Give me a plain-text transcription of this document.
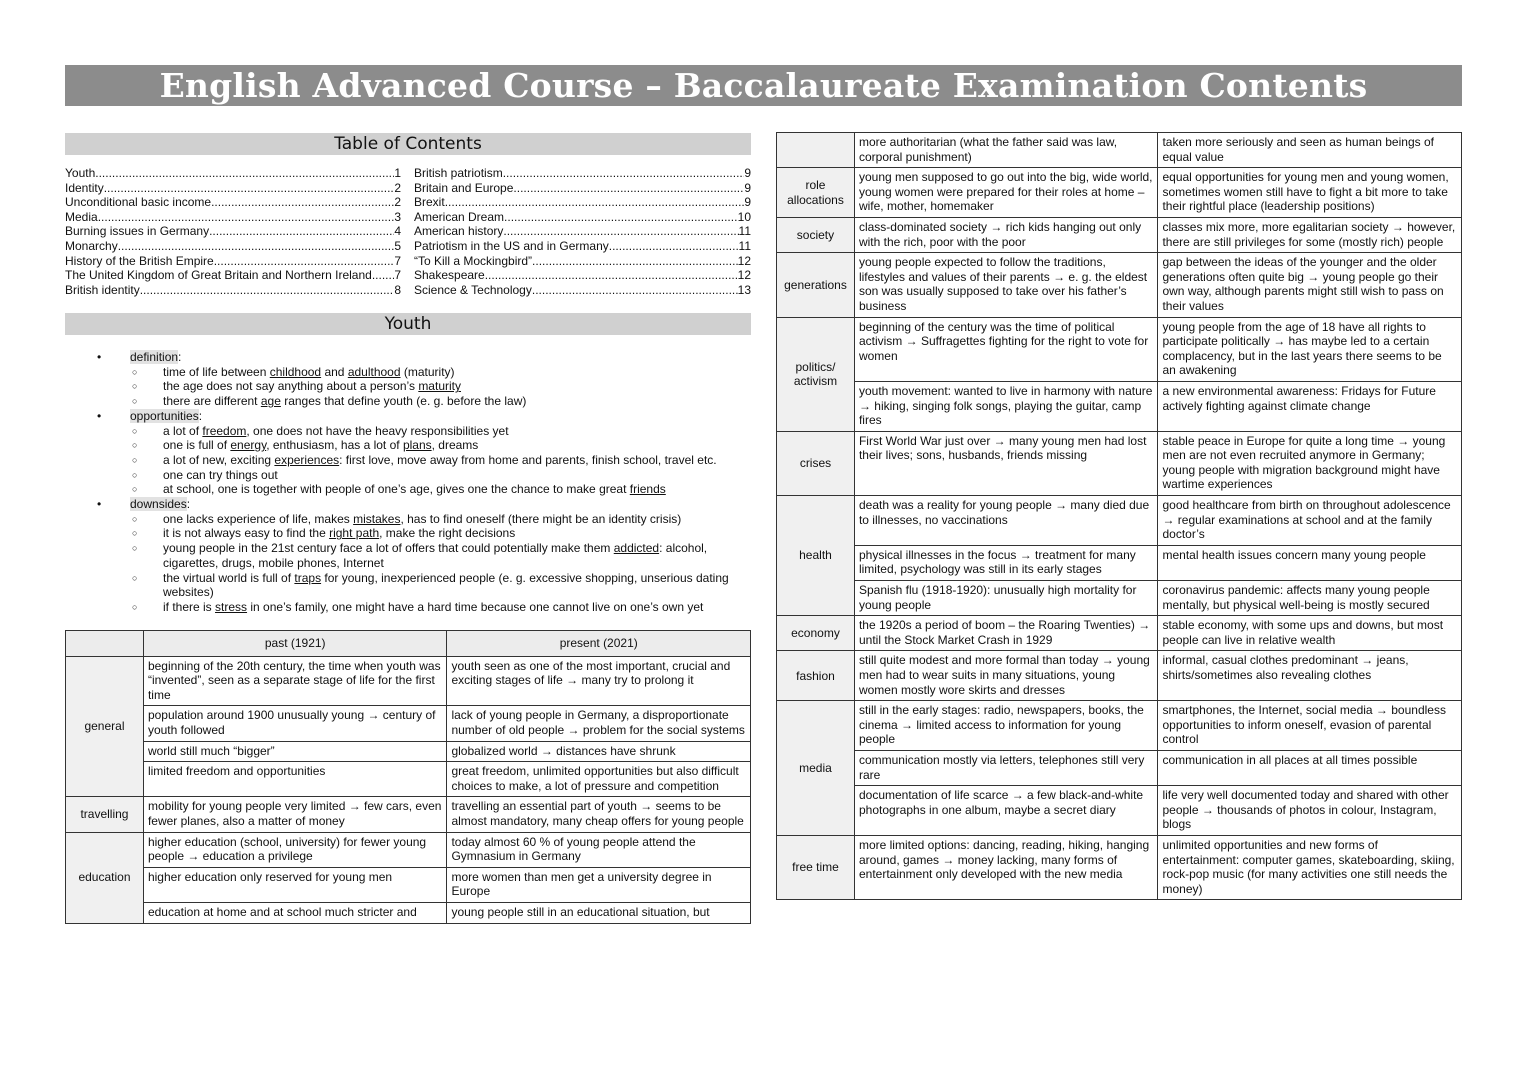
English Advanced Course – Baccalaureate Examination Contents
Table of Contents
Youth .....	1
Identity .....	2
Unconditional basic income .....	2
Media .....	3
Burning issues in Germany .....	4
Monarchy .....	5
History of the British Empire .....	7
The United Kingdom of Great Britain and Northern Ireland ..... 7
British identity .....	8
British patriotism .....	9
Britain and Europe .....	9
Brexit .....	9
American Dream .....	10
American history .....	11
Patriotism in the US and in Germany .....	11
“To Kill a Mockingbird” .....	12
Shakespeare .....	12
Science & Technology .....	13
Youth
• definition:
○ time of life between childhood and adulthood (maturity)
○ the age does not say anything about a person’s maturity
○ there are different age ranges that define youth (e. g. before the law)
• opportunities:
○ a lot of freedom, one does not have the heavy responsibilities yet
○ one is full of energy, enthusiasm, has a lot of plans, dreams
○ a lot of new, exciting experiences: first love, move away from home and parents, finish school, travel etc.
○ one can try things out
○ at school, one is together with people of one’s age, gives one the chance to make great friends
• downsides:
○ one lacks experience of life, makes mistakes, has to find oneself (there might be an identity crisis)
○ it is not always easy to find the right path, make the right decisions
○ young people in the 21st century face a lot of offers that could potentially make them addicted: alcohol, cigarettes, drugs, mobile phones, Internet
○ the virtual world is full of traps for young, inexperienced people (e. g. excessive shopping, unserious dating websites)
○ if there is stress in one’s family, one might have a hard time because one cannot live on one’s own yet
	past (1921)	present (2021)
general	beginning of the 20th century, the time when youth was “invented”, seen as a separate stage of life for the first time	youth seen as one of the most important, crucial and exciting stages of life → many try to prolong it
	population around 1900 unusually young → century of youth followed	lack of young people in Germany, a disproportionate number of old people → problem for the social systems
	world still much “bigger”	globalized world → distances have shrunk
	limited freedom and opportunities	great freedom, unlimited opportunities but also difficult choices to make, a lot of pressure and competition
travelling	mobility for young people very limited → few cars, even fewer planes, also a matter of money	travelling an essential part of youth → seems to be almost mandatory, many cheap offers for young people
education	higher education (school, university) for fewer young people → education a privilege	today almost 60 % of young people attend the Gymnasium in Germany
	higher education only reserved for young men	more women than men get a university degree in Europe
	education at home and at school much stricter and	young people still in an educational situation, but
	more authoritarian (what the father said was law, corporal punishment)	taken more seriously and seen as human beings of equal value
role allocations	young men supposed to go out into the big, wide world, young women were prepared for their roles at home – wife, mother, homemaker	equal opportunities for young men and young women, sometimes women still have to fight a bit more to take their rightful place (leadership positions)
society	class-dominated society → rich kids hanging out only with the rich, poor with the poor	classes mix more, more egalitarian society → however, there are still privileges for some (mostly rich) people
generations	young people expected to follow the traditions, lifestyles and values of their parents → e. g. the eldest son was usually supposed to take over his father’s business	gap between the ideas of the younger and the older generations often quite big → young people go their own way, although parents might still wish to pass on their values
politics/ activism	beginning of the century was the time of political activism → Suffragettes fighting for the right to vote for women	young people from the age of 18 have all rights to participate politically → has maybe led to a certain complacency, but in the last years there seems to be an awakening
	youth movement: wanted to live in harmony with nature → hiking, singing folk songs, playing the guitar, camp fires	a new environmental awareness: Fridays for Future actively fighting against climate change
crises	First World War just over → many young men had lost their lives; sons, husbands, friends missing	stable peace in Europe for quite a long time → young men are not even recruited anymore in Germany; young people with migration background might have wartime experiences
health	death was a reality for young people → many died due to illnesses, no vaccinations	good healthcare from birth on throughout adolescence → regular examinations at school and at the family doctor’s
	physical illnesses in the focus → treatment for many limited, psychology was still in its early stages	mental health issues concern many young people
	Spanish flu (1918-1920): unusually high mortality for young people	coronavirus pandemic: affects many young people mentally, but physical well-being is mostly secured
economy	the 1920s a period of boom – the Roaring Twenties) → until the Stock Market Crash in 1929	stable economy, with some ups and downs, but most people can live in relative wealth
fashion	still quite modest and more formal than today → young men had to wear suits in many situations, young women mostly wore skirts and dresses	informal, casual clothes predominant → jeans, shirts/sometimes also revealing clothes
media	still in the early stages: radio, newspapers, books, the cinema → limited access to information for young people	smartphones, the Internet, social media → boundless opportunities to inform oneself, evasion of parental control
	communication mostly via letters, telephones still very rare	communication in all places at all times possible
	documentation of life scarce → a few black-and-white photographs in one album, maybe a secret diary	life very well documented today and shared with other people → thousands of photos in colour, Instagram, blogs
free time	more limited options: dancing, reading, hiking, hanging around, games → money lacking, many forms of entertainment only developed with the new media	unlimited opportunities and new forms of entertainment: computer games, skateboarding, skiing, rock-pop music (for many activities one still needs the money)
